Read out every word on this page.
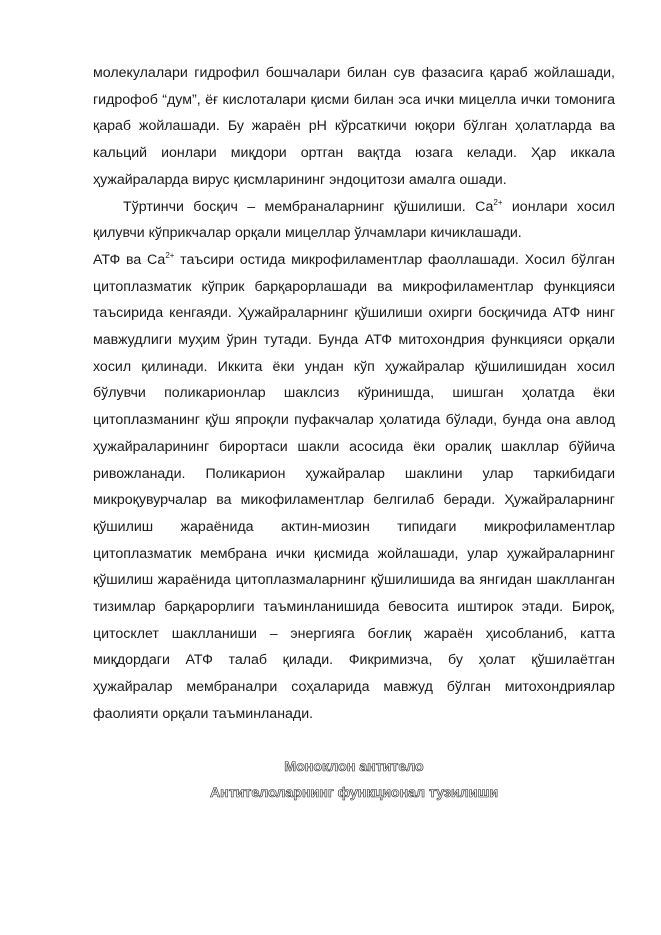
молекулалари гидрофил бошчалари билан сув фазасига қараб жойлашади, гидрофоб “дум”, ёғ кислоталари қисми билан эса ички мицелла ички томонига қараб жойлашади. Бу жараён рН кўрсаткичи юқори бўлган ҳолатларда ва кальций ионлари миқдори ортган вақтда юзага келади. Ҳар иккала ҳужайраларда вирус қисмларининг эндоцитози амалга ошади.

Тўртинчи босқич – мембраналарнинг қўшилиши. $Са^{2+}$ ионлари хосил қилувчи кўприкчалар орқали мицеллар ўлчамлари кичиклашади.

АТФ ва $Са^{2+}$ таъсири остида микрофиламентлар фаоллашади. Хосил бўлган цитоплазматик кўприк барқарорлашади ва микрофиламентлар функцияси таъсирида кенгаяди. Ҳужайраларнинг қўшилиши охирги босқичида АТФ нинг мавжудлиги муҳим ўрин тутади. Бунда АТФ митохондрия функцияси орқали хосил қилинади. Иккита ёки ундан кўп ҳужайралар қўшилишидан хосил бўлувчи поликарионлар шаклсиз кўринишда, шишган ҳолатда ёки цитоплазманинг қўш япроқли пуфакчалар ҳолатида бўлади, бунда она авлод ҳужайраларининг бирортаси шакли асосида ёки оралиқ шакллар бўйича ривожланади. Поликарион ҳужайралар шаклини улар таркибидаги микроқувурчалар ва микофиламентлар белгилаб беради. Ҳужайраларнинг қўшилиш жараёнида актин-миозин типидаги микрофиламентлар цитоплазматик мембрана ички қисмида жойлашади, улар ҳужайраларнинг қўшилиш жараёнида цитоплазмаларнинг қўшилишида ва янгидан шаклланган тизимлар барқарорлиги таъминланишида бевосита иштирок этади. Бироқ, цитосклет шаклланиши – энергияга боғлиқ жараён ҳисобланиб, катта миқдордаги АТФ талаб қилади. Фикримизча, бу ҳолат қўшилаётган ҳужайралар мембраналри соҳаларида мавжуд бўлган митохондриялар фаолияти орқали таъминланади.

Моноклон антитело
Антителоларнинг функционал тузилиши
